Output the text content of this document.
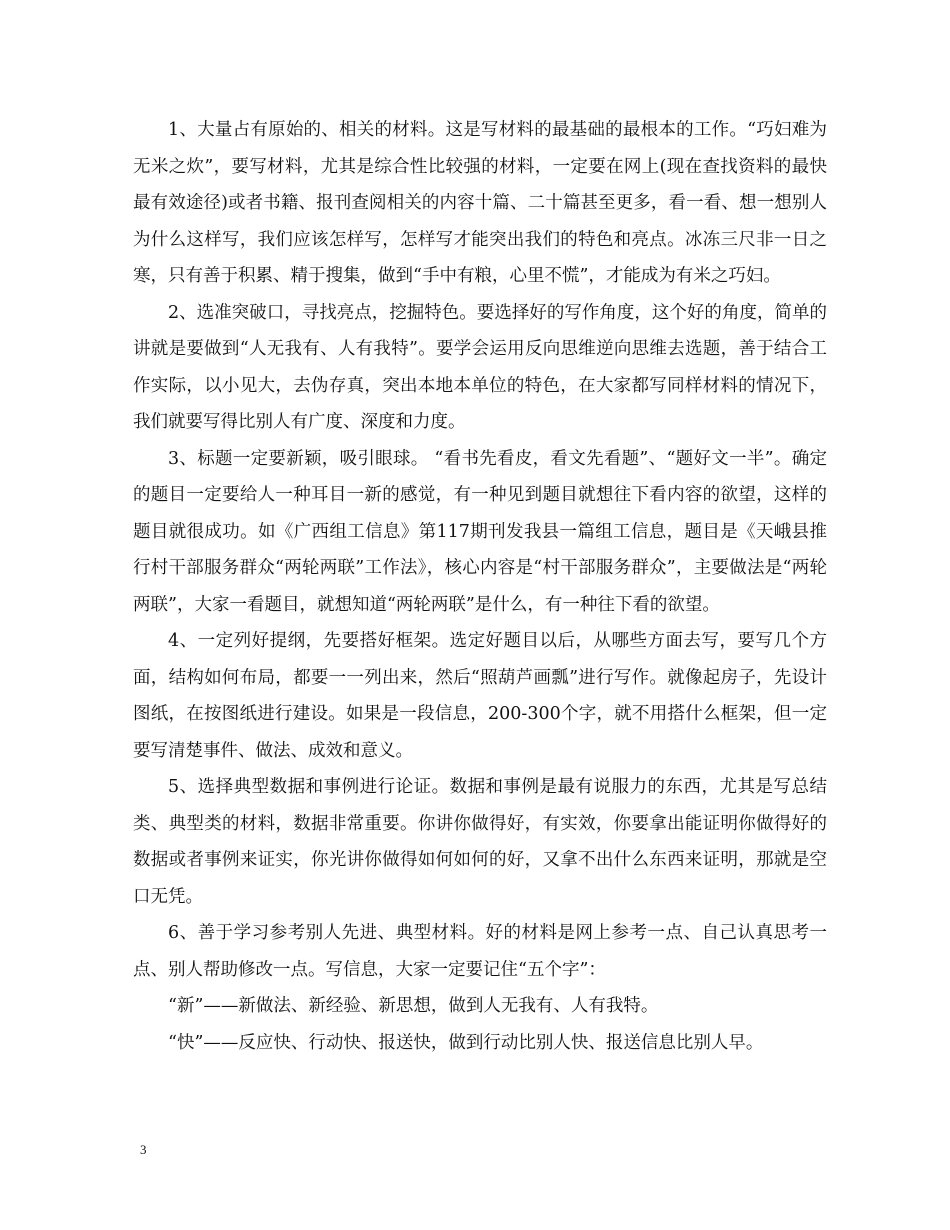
1、大量占有原始的、相关的材料。这是写材料的最基础的最根本的工作。“巧妇难为无米之炊”，要写材料，尤其是综合性比较强的材料，一定要在网上(现在查找资料的最快最有效途径)或者书籍、报刊查阅相关的内容十篇、二十篇甚至更多，看一看、想一想别人为什么这样写，我们应该怎样写，怎样写才能突出我们的特色和亮点。冰冻三尺非一日之寒，只有善于积累、精于搜集，做到“手中有粮，心里不慌”，才能成为有米之巧妇。

2、选准突破口，寻找亮点，挖掘特色。要选择好的写作角度，这个好的角度，简单的讲就是要做到“人无我有、人有我特”。要学会运用反向思维逆向思维去选题，善于结合工作实际，以小见大，去伪存真，突出本地本单位的特色，在大家都写同样材料的情况下，我们就要写得比别人有广度、深度和力度。

3、标题一定要新颖，吸引眼球。 “看书先看皮，看文先看题”、“题好文一半”。确定的题目一定要给人一种耳目一新的感觉，有一种见到题目就想往下看内容的欲望，这样的题目就很成功。如《广西组工信息》第117期刊发我县一篇组工信息，题目是《天峨县推行村干部服务群众“两轮两联”工作法》，核心内容是“村干部服务群众”，主要做法是“两轮两联”，大家一看题目，就想知道“两轮两联”是什么，有一种往下看的欲望。

4、一定列好提纲，先要搭好框架。选定好题目以后，从哪些方面去写，要写几个方面，结构如何布局，都要一一列出来，然后“照葫芦画瓢”进行写作。就像起房子，先设计图纸，在按图纸进行建设。如果是一段信息，200-300个字，就不用搭什么框架，但一定要写清楚事件、做法、成效和意义。

5、选择典型数据和事例进行论证。数据和事例是最有说服力的东西，尤其是写总结类、典型类的材料，数据非常重要。你讲你做得好，有实效，你要拿出能证明你做得好的数据或者事例来证实，你光讲你做得如何如何的好，又拿不出什么东西来证明，那就是空口无凭。

6、善于学习参考别人先进、典型材料。好的材料是网上参考一点、自己认真思考一点、别人帮助修改一点。写信息，大家一定要记住“五个字”：

“新”——新做法、新经验、新思想，做到人无我有、人有我特。

“快”——反应快、行动快、报送快，做到行动比别人快、报送信息比别人早。

3
